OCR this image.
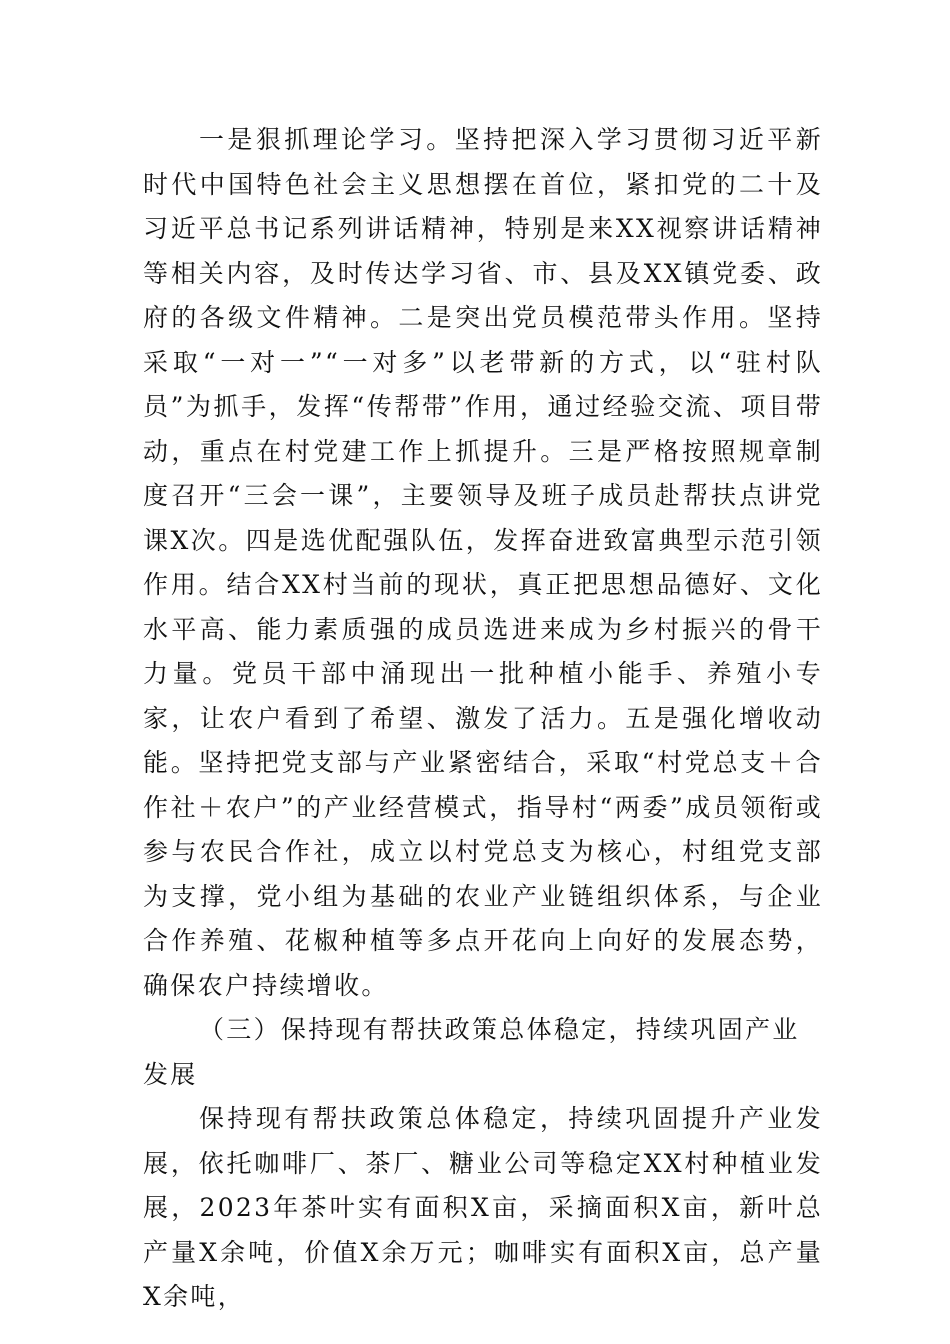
一是狠抓理论学习。坚持把深入学习贯彻习近平新时代中国特色社会主义思想摆在首位，紧扣党的二十及习近平总书记系列讲话精神，特别是来XX视察讲话精神等相关内容，及时传达学习省、市、县及XX镇党委、政府的各级文件精神。二是突出党员模范带头作用。坚持采取“一对一”“一对多”以老带新的方式，以“驻村队员”为抓手，发挥“传帮带”作用，通过经验交流、项目带动，重点在村党建工作上抓提升。三是严格按照规章制度召开“三会一课”，主要领导及班子成员赴帮扶点讲党课X次。四是选优配强队伍，发挥奋进致富典型示范引领作用。结合XX村当前的现状，真正把思想品德好、文化水平高、能力素质强的成员选进来成为乡村振兴的骨干力量。党员干部中涌现出一批种植小能手、养殖小专家，让农户看到了希望、激发了活力。五是强化增收动能。坚持把党支部与产业紧密结合，采取“村党总支＋合作社＋农户”的产业经营模式，指导村“两委”成员领衔或参与农民合作社，成立以村党总支为核心，村组党支部为支撑，党小组为基础的农业产业链组织体系，与企业合作养殖、花椒种植等多点开花向上向好的发展态势，确保农户持续增收。

（三）保持现有帮扶政策总体稳定，持续巩固产业发展

保持现有帮扶政策总体稳定，持续巩固提升产业发展，依托咖啡厂、茶厂、糖业公司等稳定XX村种植业发展，2023年茶叶实有面积X亩，采摘面积X亩，新叶总产量X余吨，价值X余万元；咖啡实有面积X亩，总产量X余吨，
